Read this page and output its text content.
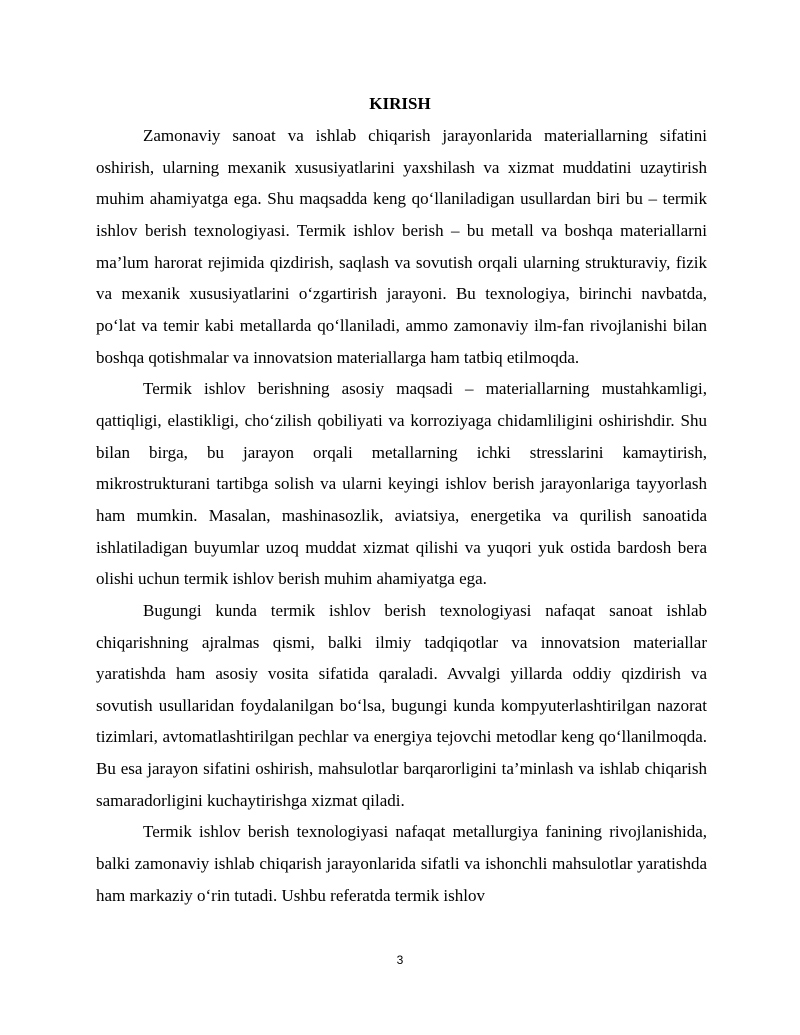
KIRISH

Zamonaviy sanoat va ishlab chiqarish jarayonlarida materiallarning sifatini oshirish, ularning mexanik xususiyatlarini yaxshilash va xizmat muddatini uzaytirish muhim ahamiyatga ega. Shu maqsadda keng qo‘llaniladigan usullardan biri bu – termik ishlov berish texnologiyasi. Termik ishlov berish – bu metall va boshqa materiallarni ma’lum harorat rejimida qizdirish, saqlash va sovutish orqali ularning strukturaviy, fizik va mexanik xususiyatlarini o‘zgartirish jarayoni. Bu texnologiya, birinchi navbatda, po‘lat va temir kabi metallarda qo‘llaniladi, ammo zamonaviy ilm-fan rivojlanishi bilan boshqa qotishmalar va innovatsion materiallarga ham tatbiq etilmoqda.

Termik ishlov berishning asosiy maqsadi – materiallarning mustahkamligi, qattiqligi, elastikligi, cho‘zilish qobiliyati va korroziyaga chidamliligini oshirishdir. Shu bilan birga, bu jarayon orqali metallarning ichki stresslarini kamaytirish, mikrostrukturani tartibga solish va ularni keyingi ishlov berish jarayonlariga tayyorlash ham mumkin. Masalan, mashinasozlik, aviatsiya, energetika va qurilish sanoatida ishlatiladigan buyumlar uzoq muddat xizmat qilishi va yuqori yuk ostida bardosh bera olishi uchun termik ishlov berish muhim ahamiyatga ega.

Bugungi kunda termik ishlov berish texnologiyasi nafaqat sanoat ishlab chiqarishning ajralmas qismi, balki ilmiy tadqiqotlar va innovatsion materiallar yaratishda ham asosiy vosita sifatida qaraladi. Avvalgi yillarda oddiy qizdirish va sovutish usullaridan foydalanilgan bo‘lsa, bugungi kunda kompyuterlashtirilgan nazorat tizimlari, avtomatlashtirilgan pechlar va energiya tejovchi metodlar keng qo‘llanilmoqda. Bu esa jarayon sifatini oshirish, mahsulotlar barqarorligini ta’minlash va ishlab chiqarish samaradorligini kuchaytirishga xizmat qiladi.

Termik ishlov berish texnologiyasi nafaqat metallurgiya fanining rivojlanishida, balki zamonaviy ishlab chiqarish jarayonlarida sifatli va ishonchli mahsulotlar yaratishda ham markaziy o‘rin tutadi. Ushbu referatda termik ishlov

3
